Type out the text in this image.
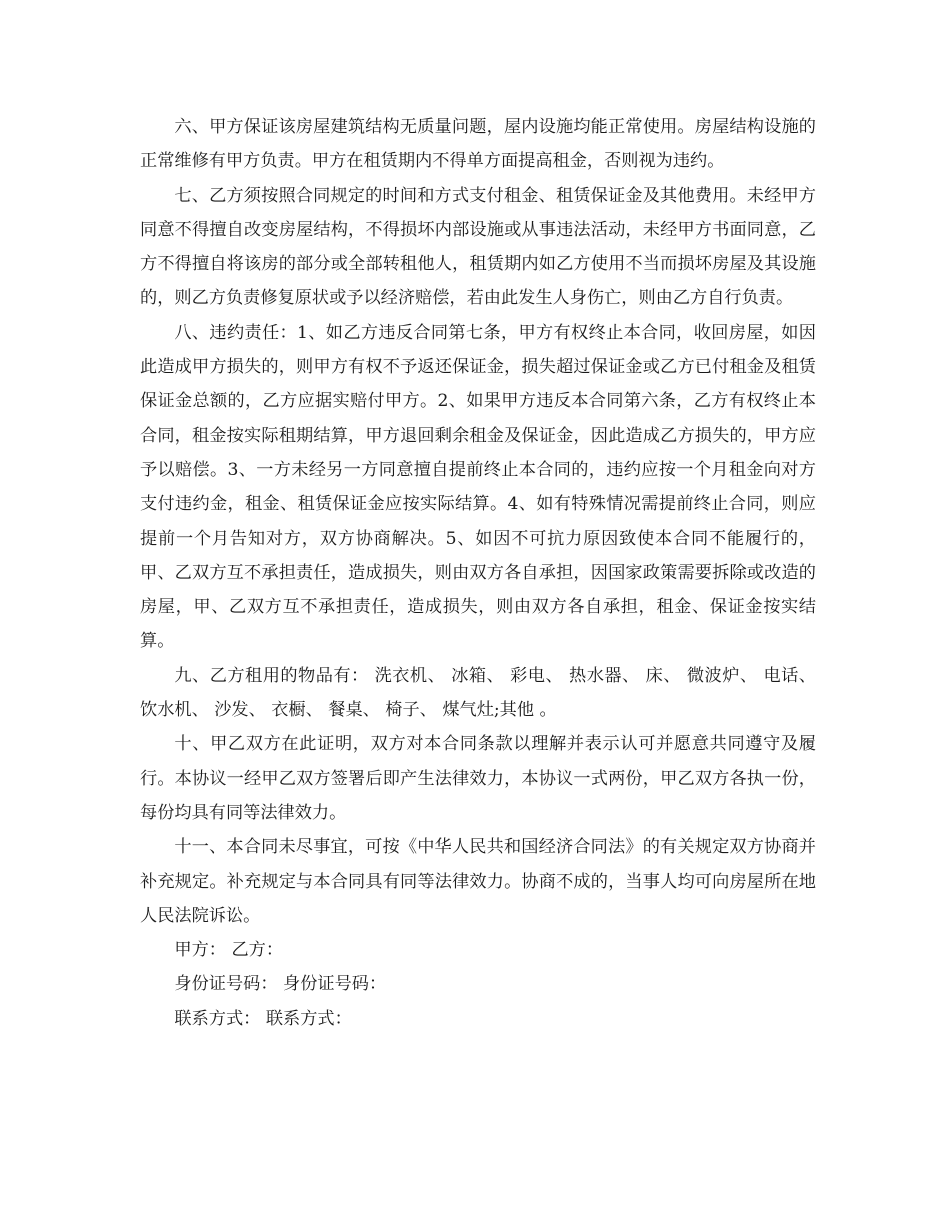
六、甲方保证该房屋建筑结构无质量问题，屋内设施均能正常使用。房屋结构设施的正常维修有甲方负责。甲方在租赁期内不得单方面提高租金，否则视为违约。

七、乙方须按照合同规定的时间和方式支付租金、租赁保证金及其他费用。未经甲方同意不得擅自改变房屋结构，不得损坏内部设施或从事违法活动，未经甲方书面同意，乙方不得擅自将该房的部分或全部转租他人，租赁期内如乙方使用不当而损坏房屋及其设施的，则乙方负责修复原状或予以经济赔偿，若由此发生人身伤亡，则由乙方自行负责。

八、违约责任：1、如乙方违反合同第七条，甲方有权终止本合同，收回房屋，如因此造成甲方损失的，则甲方有权不予返还保证金，损失超过保证金或乙方已付租金及租赁保证金总额的，乙方应据实赔付甲方。2、如果甲方违反本合同第六条，乙方有权终止本合同，租金按实际租期结算，甲方退回剩余租金及保证金，因此造成乙方损失的，甲方应予以赔偿。3、一方未经另一方同意擅自提前终止本合同的，违约应按一个月租金向对方支付违约金，租金、租赁保证金应按实际结算。4、如有特殊情况需提前终止合同，则应提前一个月告知对方，双方协商解决。5、如因不可抗力原因致使本合同不能履行的，甲、乙双方互不承担责任，造成损失，则由双方各自承担，因国家政策需要拆除或改造的房屋，甲、乙双方互不承担责任，造成损失，则由双方各自承担，租金、保证金按实结算。

九、乙方租用的物品有： 洗衣机、 冰箱、 彩电、 热水器、 床、 微波炉、 电话、 饮水机、 沙发、 衣橱、 餐桌、 椅子、 煤气灶;其他 。

十、甲乙双方在此证明，双方对本合同条款以理解并表示认可并愿意共同遵守及履行。本协议一经甲乙双方签署后即产生法律效力，本协议一式两份，甲乙双方各执一份，每份均具有同等法律效力。

十一、本合同未尽事宜，可按《中华人民共和国经济合同法》的有关规定双方协商并补充规定。补充规定与本合同具有同等法律效力。协商不成的，当事人均可向房屋所在地人民法院诉讼。

甲方： 乙方：

身份证号码： 身份证号码：

联系方式： 联系方式：
